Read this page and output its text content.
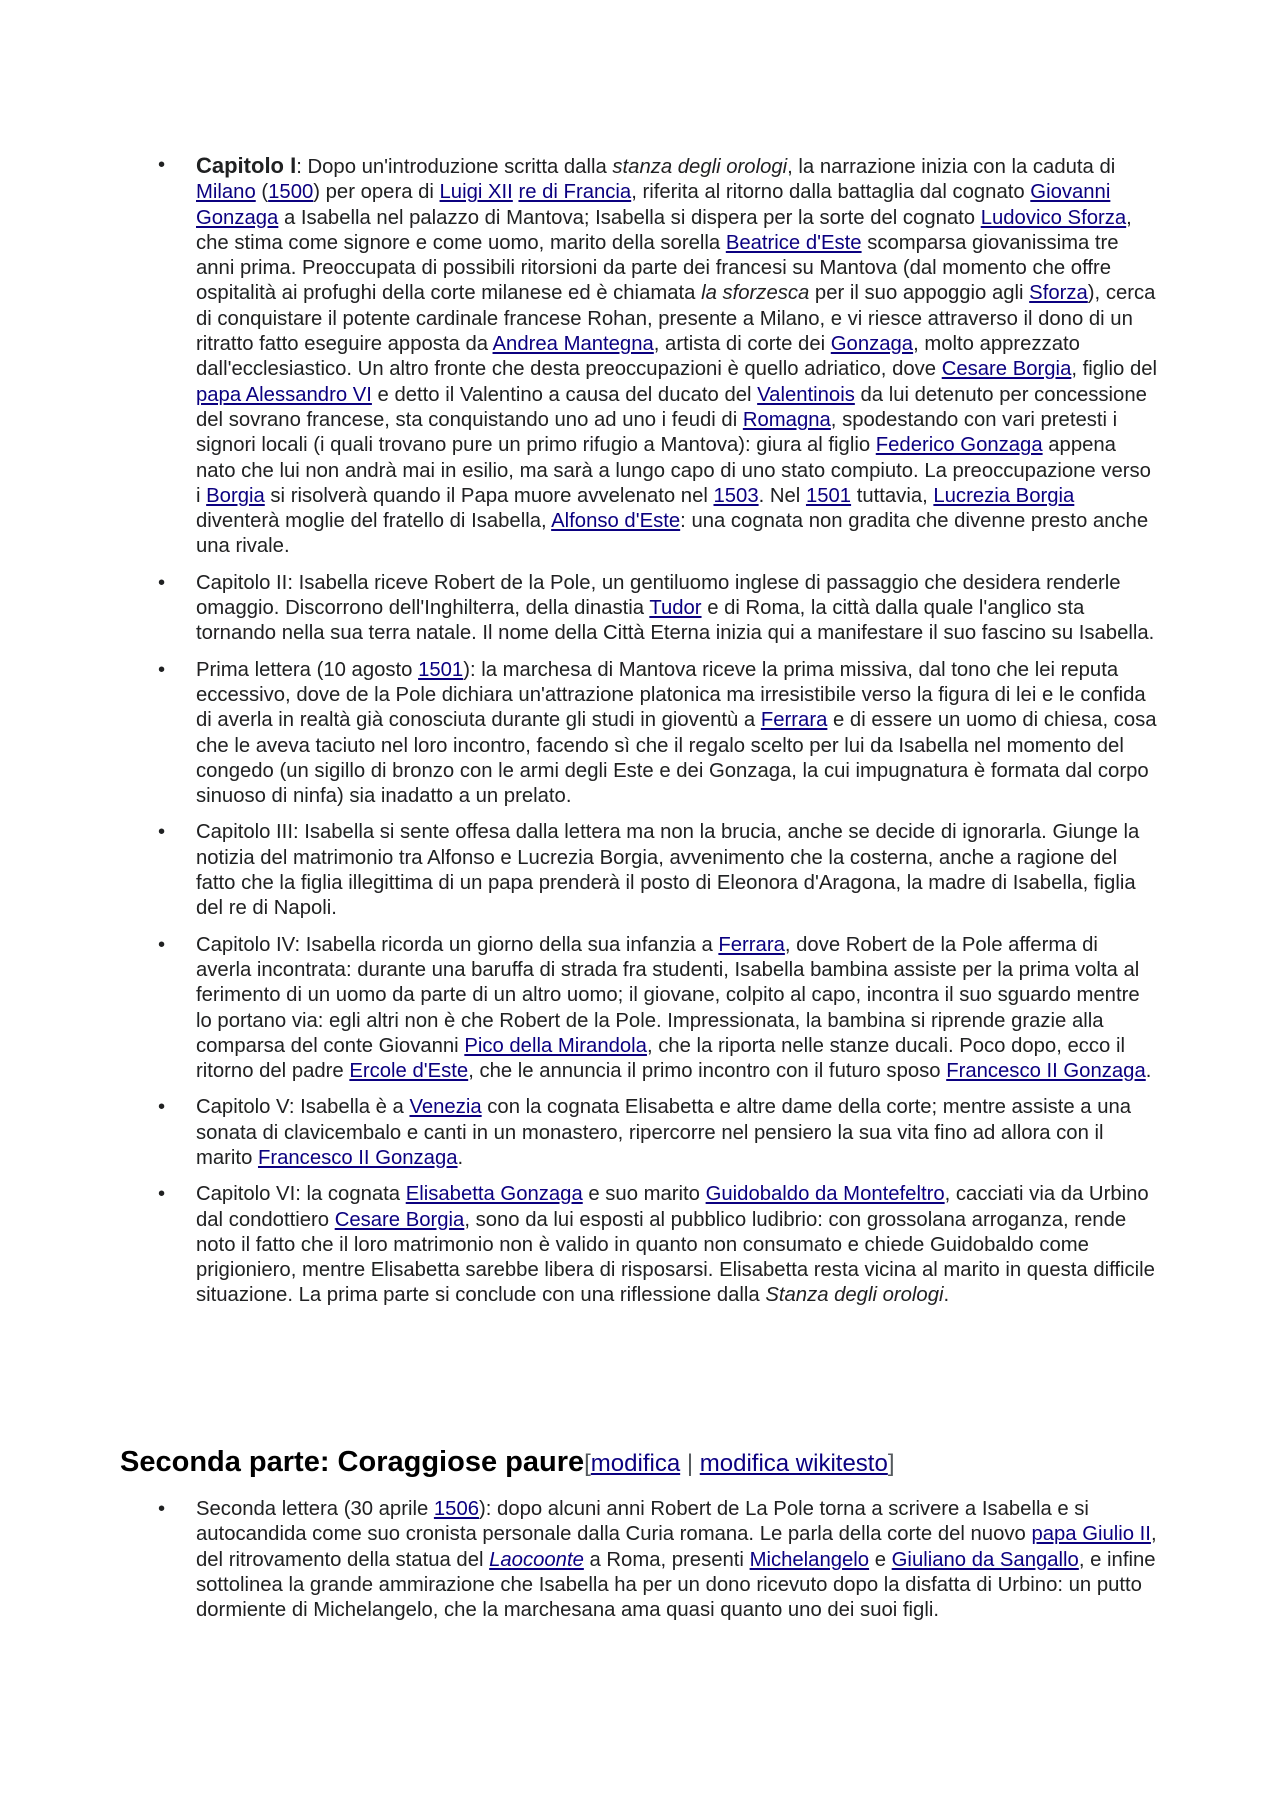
• Capitolo I: Dopo un'introduzione scritta dalla stanza degli orologi, la narrazione inizia con la caduta di Milano (1500) per opera di Luigi XII re di Francia, riferita al ritorno dalla battaglia dal cognato Giovanni Gonzaga a Isabella nel palazzo di Mantova; Isabella si dispera per la sorte del cognato Ludovico Sforza, che stima come signore e come uomo, marito della sorella Beatrice d'Este scomparsa giovanissima tre anni prima. Preoccupata di possibili ritorsioni da parte dei francesi su Mantova (dal momento che offre ospitalità ai profughi della corte milanese ed è chiamata la sforzesca per il suo appoggio agli Sforza), cerca di conquistare il potente cardinale francese Rohan, presente a Milano, e vi riesce attraverso il dono di un ritratto fatto eseguire apposta da Andrea Mantegna, artista di corte dei Gonzaga, molto apprezzato dall'ecclesiastico. Un altro fronte che desta preoccupazioni è quello adriatico, dove Cesare Borgia, figlio del papa Alessandro VI e detto il Valentino a causa del ducato del Valentinois da lui detenuto per concessione del sovrano francese, sta conquistando uno ad uno i feudi di Romagna, spodestando con vari pretesti i signori locali (i quali trovano pure un primo rifugio a Mantova): giura al figlio Federico Gonzaga appena nato che lui non andrà mai in esilio, ma sarà a lungo capo di uno stato compiuto. La preoccupazione verso i Borgia si risolverà quando il Papa muore avvelenato nel 1503. Nel 1501 tuttavia, Lucrezia Borgia diventerà moglie del fratello di Isabella, Alfonso d'Este: una cognata non gradita che divenne presto anche una rivale.
• Capitolo II: Isabella riceve Robert de la Pole, un gentiluomo inglese di passaggio che desidera renderle omaggio. Discorrono dell'Inghilterra, della dinastia Tudor e di Roma, la città dalla quale l'anglico sta tornando nella sua terra natale. Il nome della Città Eterna inizia qui a manifestare il suo fascino su Isabella.
• Prima lettera (10 agosto 1501): la marchesa di Mantova riceve la prima missiva, dal tono che lei reputa eccessivo, dove de la Pole dichiara un'attrazione platonica ma irresistibile verso la figura di lei e le confida di averla in realtà già conosciuta durante gli studi in gioventù a Ferrara e di essere un uomo di chiesa, cosa che le aveva taciuto nel loro incontro, facendo sì che il regalo scelto per lui da Isabella nel momento del congedo (un sigillo di bronzo con le armi degli Este e dei Gonzaga, la cui impugnatura è formata dal corpo sinuoso di ninfa) sia inadatto a un prelato.
• Capitolo III: Isabella si sente offesa dalla lettera ma non la brucia, anche se decide di ignorarla. Giunge la notizia del matrimonio tra Alfonso e Lucrezia Borgia, avvenimento che la costerna, anche a ragione del fatto che la figlia illegittima di un papa prenderà il posto di Eleonora d'Aragona, la madre di Isabella, figlia del re di Napoli.
• Capitolo IV: Isabella ricorda un giorno della sua infanzia a Ferrara, dove Robert de la Pole afferma di averla incontrata: durante una baruffa di strada fra studenti, Isabella bambina assiste per la prima volta al ferimento di un uomo da parte di un altro uomo; il giovane, colpito al capo, incontra il suo sguardo mentre lo portano via: egli altri non è che Robert de la Pole. Impressionata, la bambina si riprende grazie alla comparsa del conte Giovanni Pico della Mirandola, che la riporta nelle stanze ducali. Poco dopo, ecco il ritorno del padre Ercole d'Este, che le annuncia il primo incontro con il futuro sposo Francesco II Gonzaga.
• Capitolo V: Isabella è a Venezia con la cognata Elisabetta e altre dame della corte; mentre assiste a una sonata di clavicembalo e canti in un monastero, ripercorre nel pensiero la sua vita fino ad allora con il marito Francesco II Gonzaga.
• Capitolo VI: la cognata Elisabetta Gonzaga e suo marito Guidobaldo da Montefeltro, cacciati via da Urbino dal condottiero Cesare Borgia, sono da lui esposti al pubblico ludibrio: con grossolana arroganza, rende noto il fatto che il loro matrimonio non è valido in quanto non consumato e chiede Guidobaldo come prigioniero, mentre Elisabetta sarebbe libera di risposarsi. Elisabetta resta vicina al marito in questa difficile situazione. La prima parte si conclude con una riflessione dalla Stanza degli orologi.
Seconda parte: Coraggiose paure[modifica | modifica wikitesto]
• Seconda lettera (30 aprile 1506): dopo alcuni anni Robert de La Pole torna a scrivere a Isabella e si autocandida come suo cronista personale dalla Curia romana. Le parla della corte del nuovo papa Giulio II, del ritrovamento della statua del Laocoonte a Roma, presenti Michelangelo e Giuliano da Sangallo, e infine sottolinea la grande ammirazione che Isabella ha per un dono ricevuto dopo la disfatta di Urbino: un putto dormiente di Michelangelo, che la marchesana ama quasi quanto uno dei suoi figli.
